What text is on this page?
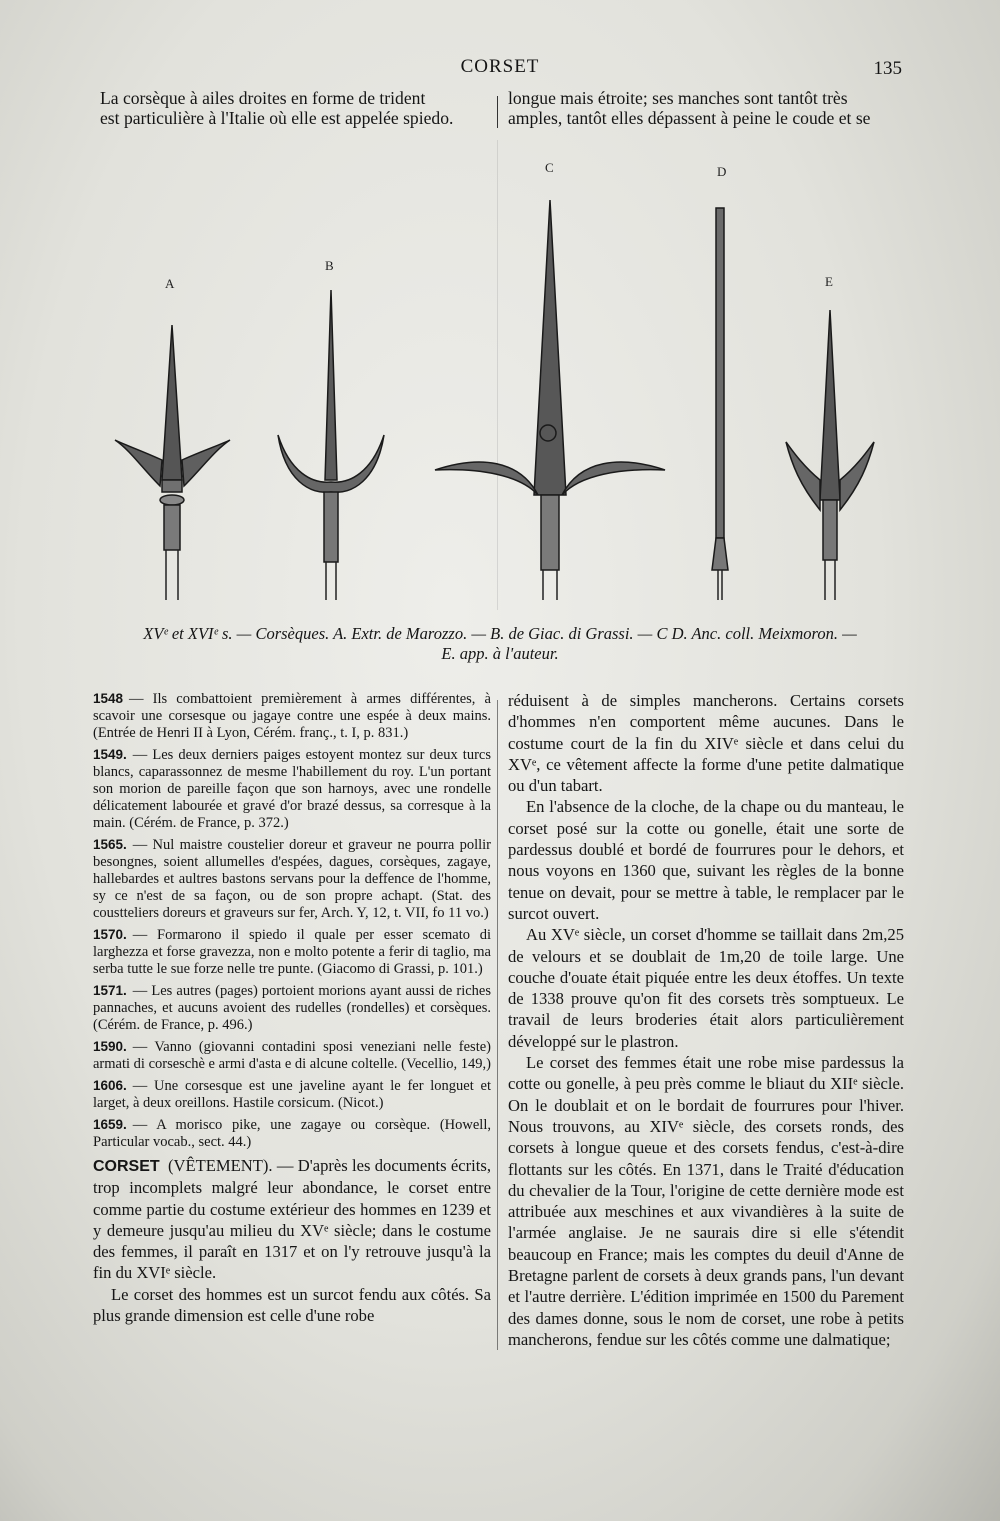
CORSET	135
La corsèque à ailes droites en forme de trident
est particulière à l'Italie où elle est appelée spiedo.
longue mais étroite; ses manches sont tantôt très
amples, tantôt elles dépassent à peine le coude et se
A
B
C	D
E
XVᵉ et XVIᵉ s. — Corsèques. A. Extr. de Marozzo. — B. de Giac. di Grassi. — C D. Anc. coll. Meixmoron. —
E. app. à l'auteur.

1548 — Ils combattoient premièrement à armes différentes, à scavoir une corsesque ou jagaye contre une espée à deux mains. (Entrée de Henri II à Lyon, Cérém. franç., t. I, p. 831.)

1549. — Les deux derniers paiges estoyent montez sur deux turcs blancs, caparassonnez de mesme l'habillement du roy. L'un portant son morion de pareille façon que son harnoys, avec une rondelle délicatement labourée et gravé d'or brazé dessus, sa corresque à la main. (Cérém. de France, p. 372.)

1565. — Nul maistre coustelier doreur et graveur ne pourra pollir besongnes, soient allumelles d'espées, dagues, corsèques, zagaye, hallebardes et aultres bastons servans pour la deffence de l'homme, sy ce n'est de sa façon, ou de son propre achapt. (Stat. des coustteliers doreurs et graveurs sur fer, Arch. Y, 12, t. VII, fo 11 vo.)

1570. — Formarono il spiedo il quale per esser scemato di larghezza et forse gravezza, non e molto potente a ferir di taglio, ma serba tutte le sue forze nelle tre punte. (Giacomo di Grassi, p. 101.)

1571. — Les autres (pages) portoient morions ayant aussi de riches pannaches, et aucuns avoient des rudelles (rondelles) et corsèques. (Cérém. de France, p. 496.)

1590. — Vanno (giovanni contadini sposi veneziani nelle feste) armati di corseschè e armi d'asta e di alcune coltelle. (Vecellio, 149,)

1606. — Une corsesque est une javeline ayant le fer longuet et larget, à deux oreillons. Hastile corsicum. (Nicot.)

1659. — A morisco pike, une zagaye ou corsèque. (Howell, Particular vocab., sect. 44.)

CORSET (VÊTEMENT). — D'après les documents écrits, trop incomplets malgré leur abondance, le corset entre comme partie du costume extérieur des hommes en 1239 et y demeure jusqu'au milieu du XVᵉ siècle; dans le costume des femmes, il paraît en 1317 et on l'y retrouve jusqu'à la fin du XVIᵉ siècle.

Le corset des hommes est un surcot fendu aux côtés. Sa plus grande dimension est celle d'une robe

réduisent à de simples mancherons. Certains corsets d'hommes n'en comportent même aucunes. Dans le costume court de la fin du XIVᵉ siècle et dans celui du XVᵉ, ce vêtement affecte la forme d'une petite dalmatique ou d'un tabart.

En l'absence de la cloche, de la chape ou du manteau, le corset posé sur la cotte ou gonelle, était une sorte de pardessus doublé et bordé de fourrures pour le dehors, et nous voyons en 1360 que, suivant les règles de la bonne tenue on devait, pour se mettre à table, le remplacer par le surcot ouvert.

Au XVᵉ siècle, un corset d'homme se taillait dans 2m,25 de velours et se doublait de 1m,20 de toile large. Une couche d'ouate était piquée entre les deux étoffes. Un texte de 1338 prouve qu'on fit des corsets très somptueux. Le travail de leurs broderies était alors particulièrement développé sur le plastron.

Le corset des femmes était une robe mise pardessus la cotte ou gonelle, à peu près comme le bliaut du XIIᵉ siècle. On le doublait et on le bordait de fourrures pour l'hiver. Nous trouvons, au XIVᵉ siècle, des corsets ronds, des corsets à longue queue et des corsets fendus, c'est-à-dire flottants sur les côtés. En 1371, dans le Traité d'éducation du chevalier de la Tour, l'origine de cette dernière mode est attribuée aux meschines et aux vivandières à la suite de l'armée anglaise. Je ne saurais dire si elle s'étendit beaucoup en France; mais les comptes du deuil d'Anne de Bretagne parlent de corsets à deux grands pans, l'un devant et l'autre derrière. L'édition imprimée en 1500 du Parement des dames donne, sous le nom de corset, une robe à petits mancherons, fendue sur les côtés comme une dalmatique;
